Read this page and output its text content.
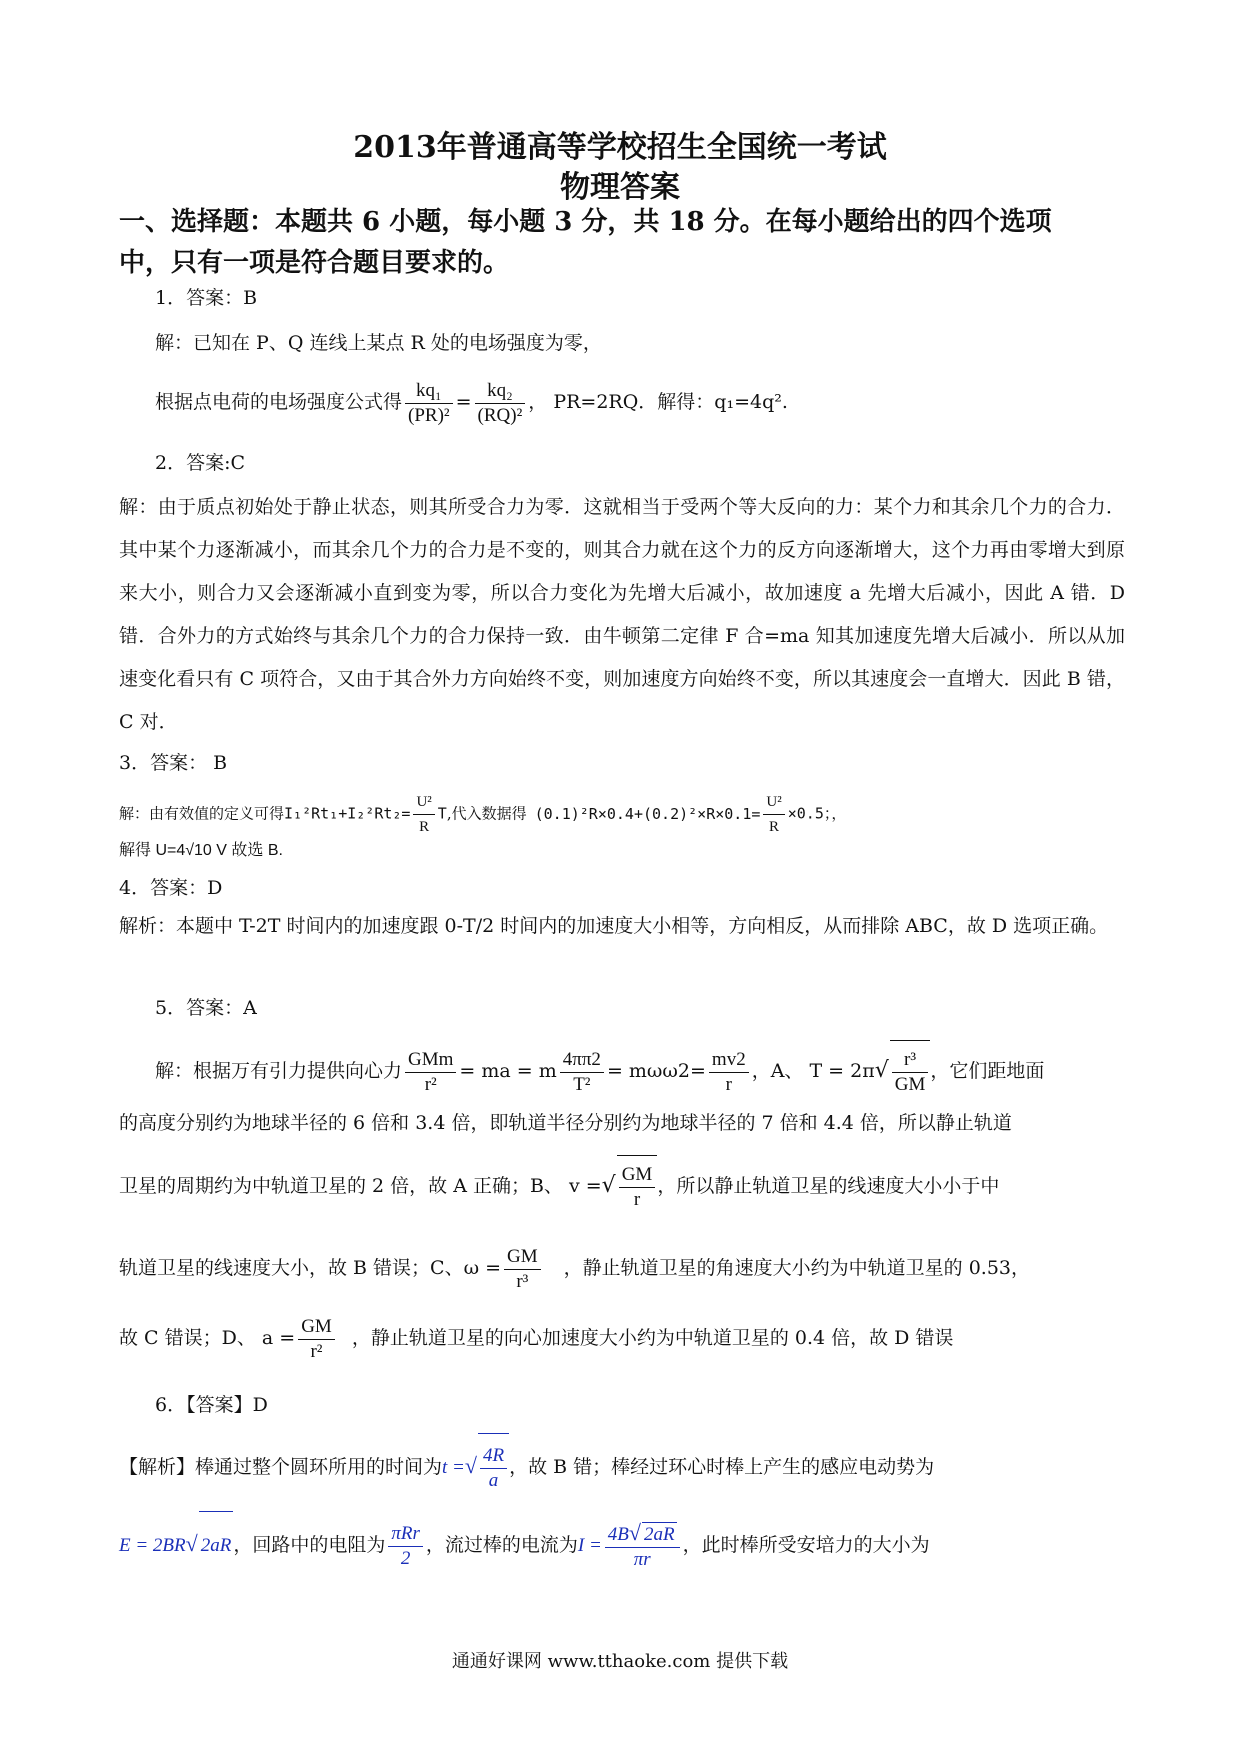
2013年普通高等学校招生全国统一考试
物理答案
一、选择题：本题共 6 小题，每小题 3 分，共 18 分。在每小题给出的四个选项
中，只有一项是符合题目要求的。
1．答案：B
解：已知在 P、Q 连线上某点 R 处的电场强度为零，
根据点电荷的电场强度公式得 $\frac{\text{kq₁}}{\text{(PR)²}} = \frac{\text{kq₂}}{\text{(RQ)²}}$ ， PR=2RQ．解得：q₁=4q².
2．答案:C
解：由于质点初始处于静止状态，则其所受合力为零．这就相当于受两个等大反向的力：某个力和其余几个力的合力．其中某个力逐渐减小，而其余几个力的合力是不变的，则其合力就在这个力的反方向逐渐增大，这个力再由零增大到原来大小，则合力又会逐渐减小直到变为零，所以合力变化为先增大后减小，故加速度 a 先增大后减小，因此 A 错．D 错．合外力的方式始终与其余几个力的合力保持一致．由牛顿第二定律 F 合=ma 知其加速度先增大后减小．所以从加速变化看只有 C 项符合，又由于其合外力方向始终不变，则加速度方向始终不变，所以其速度会一直增大．因此 B 错，C 对．
3．答案： B
解：由有效值的定义可得$I_1^2Rt_1+I_2^2Rt_2= \frac{\text{U²}}{R} T$,代入数据得 $(0.1)^2R\times 0.4+(0.2)^2\times R\times 0.1= \frac{\text{U²}}{R} \times 0.5$；，
解得 U=4√10 V 故选 B.
4．答案：D
解析：本题中 T-2T 时间内的加速度跟 0-T/2 时间内的加速度大小相等，方向相反，从而排除 ABC，故 D 选项正确。
5．答案：A
解：根据万有引力提供向心力 $\frac{\text{GMm}}{\text{r²}}$ = ma = m $\frac{4\pi\pi 2}{\text{T²}} = m\omega\omega 2= \frac{mv2}{r}$ ，A、 $T = 2\pi√ \frac{\text{r³}}{GM}$ ，它们距地面
的高度分别约为地球半径的 6 倍和 3.4 倍，即轨道半径分别约为地球半径的 7 倍和 4.4 倍，所以静止轨道
卫星的周期约为中轨道卫星的 2 倍，故 A 正确；B、 v =√ $\frac{GM}{r}$ ，所以静止轨道卫星的线速度大小小于中
轨道卫星的线速度大小，故 B 错误；C、$\omega = \frac{GM}{\text{r³}}$ ，静止轨道卫星的角速度大小约为中轨道卫星的 0.53，
故 C 错误；D、 $a = \frac{GM}{\text{r²}}$ ，静止轨道卫星的向心加速度大小约为中轨道卫星的 0.4 倍，故 D 错误
6．【答案】D
【解析】棒通过整个圆环所用的时间为t =√ $\frac{4R}{a}$ ，故 B 错；棒经过环心时棒上产生的感应电动势为
E = 2BR√ 2aR ，回路中的电阻为 $\frac{\text{πRr}}{2}$ ，流过棒的电流为$I = \frac{4B√ 2aR}{\pi r}$ ，此时棒所受安培力的大小为
通通好课网 www.tthaoke.com 提供下载
